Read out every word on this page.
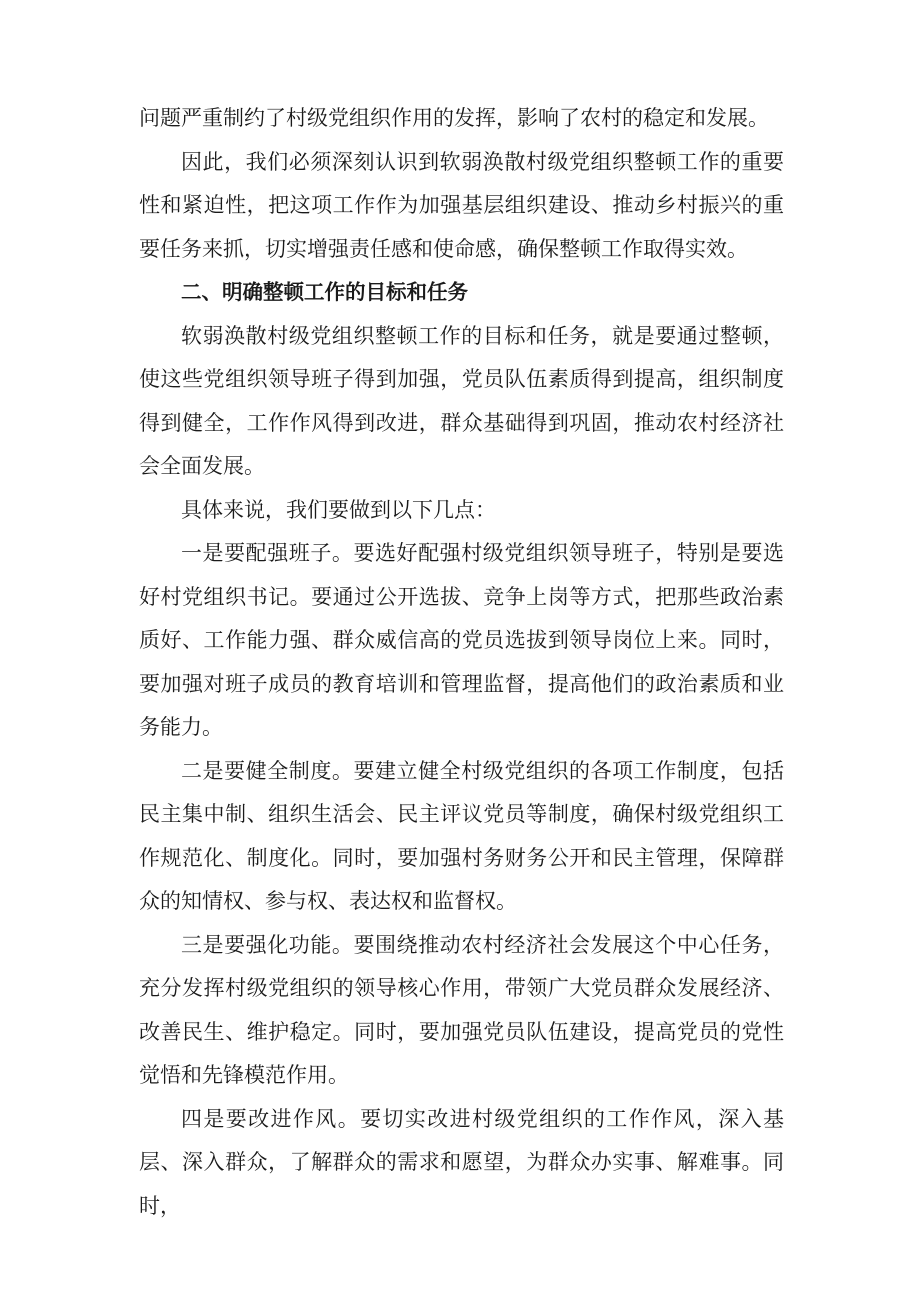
问题严重制约了村级党组织作用的发挥，影响了农村的稳定和发展。

因此，我们必须深刻认识到软弱涣散村级党组织整顿工作的重要性和紧迫性，把这项工作作为加强基层组织建设、推动乡村振兴的重要任务来抓，切实增强责任感和使命感，确保整顿工作取得实效。

二、明确整顿工作的目标和任务

软弱涣散村级党组织整顿工作的目标和任务，就是要通过整顿，使这些党组织领导班子得到加强，党员队伍素质得到提高，组织制度得到健全，工作作风得到改进，群众基础得到巩固，推动农村经济社会全面发展。

具体来说，我们要做到以下几点：

一是要配强班子。要选好配强村级党组织领导班子，特别是要选好村党组织书记。要通过公开选拔、竞争上岗等方式，把那些政治素质好、工作能力强、群众威信高的党员选拔到领导岗位上来。同时，要加强对班子成员的教育培训和管理监督，提高他们的政治素质和业务能力。

二是要健全制度。要建立健全村级党组织的各项工作制度，包括民主集中制、组织生活会、民主评议党员等制度，确保村级党组织工作规范化、制度化。同时，要加强村务财务公开和民主管理，保障群众的知情权、参与权、表达权和监督权。

三是要强化功能。要围绕推动农村经济社会发展这个中心任务，充分发挥村级党组织的领导核心作用，带领广大党员群众发展经济、改善民生、维护稳定。同时，要加强党员队伍建设，提高党员的党性觉悟和先锋模范作用。

四是要改进作风。要切实改进村级党组织的工作作风，深入基层、深入群众，了解群众的需求和愿望，为群众办实事、解难事。同时，
